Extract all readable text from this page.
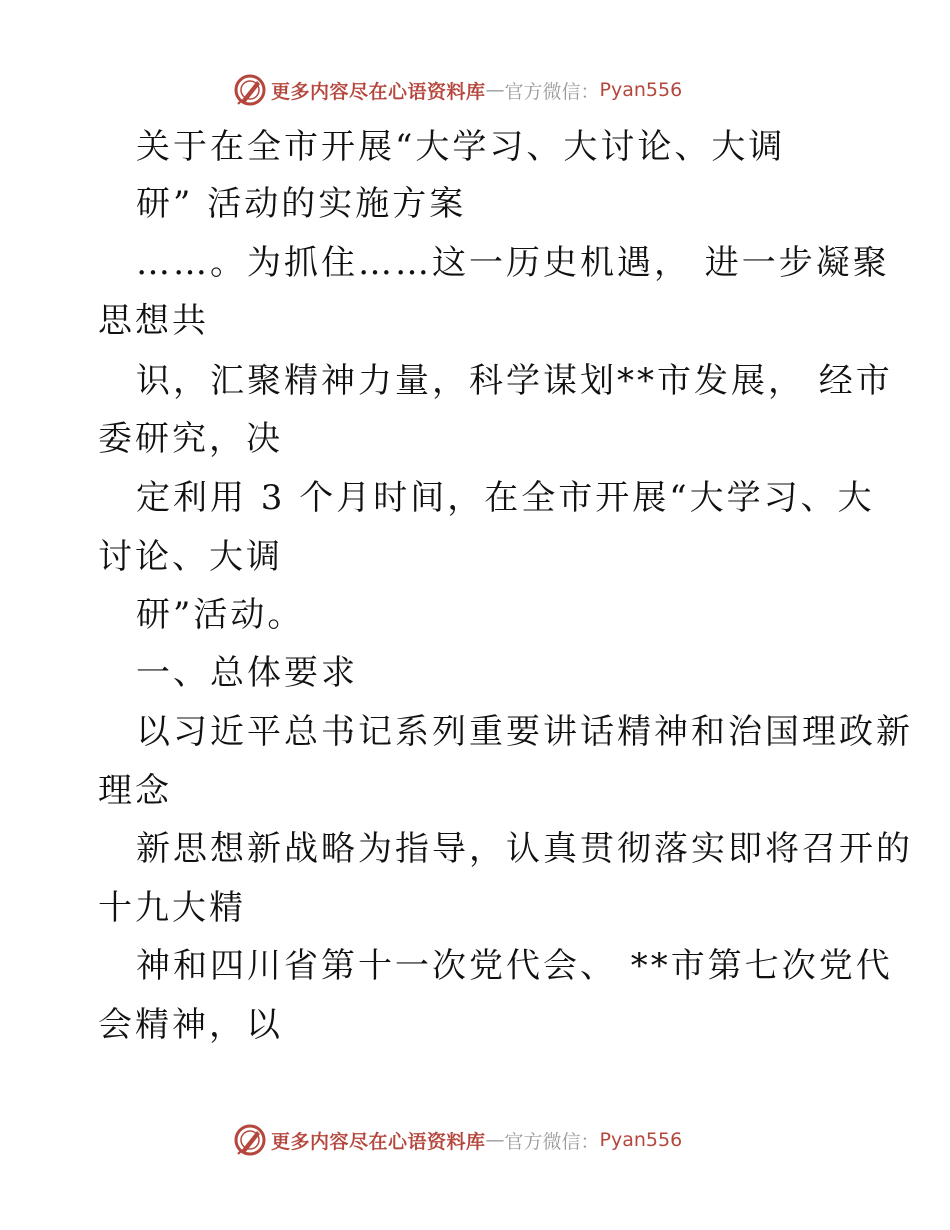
更多内容尽在心语资料库 — 官方微信： Pyan556
关于在全市开展“大学习、大讨论、大调
研” 活动的实施方案
……。为抓住……这一历史机遇， 进一步凝聚
思想共
识，汇聚精神力量，科学谋划**市发展， 经市
委研究，决
定利用 3 个月时间，在全市开展“大学习、大
讨论、大调
研”活动。
一、总体要求
以习近平总书记系列重要讲话精神和治国理政新
理念
新思想新战略为指导，认真贯彻落实即将召开的
十九大精
神和四川省第十一次党代会、 **市第七次党代
会精神，以
更多内容尽在心语资料库 — 官方微信： Pyan556
